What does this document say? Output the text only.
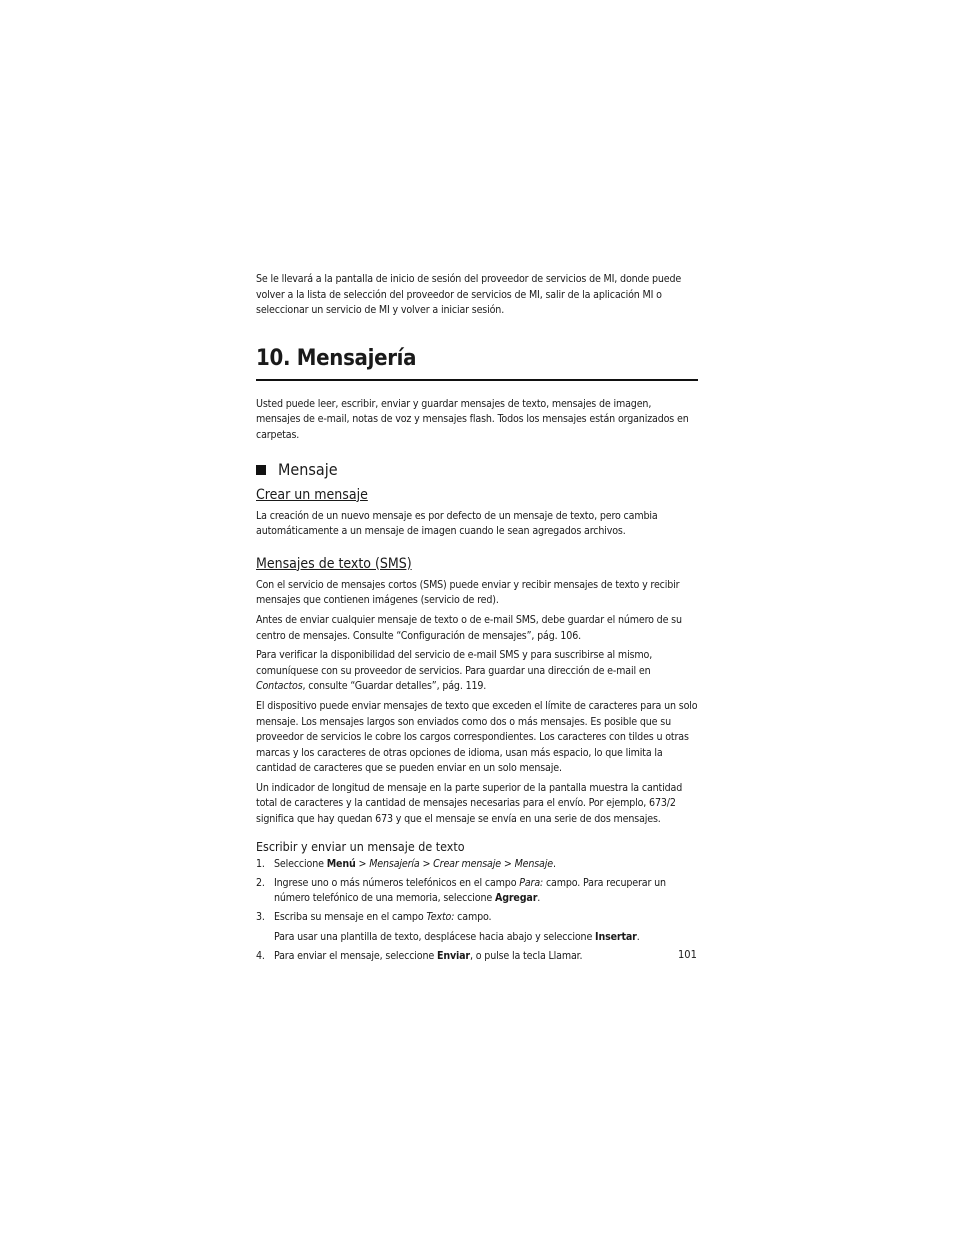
Se le llevará a la pantalla de inicio de sesión del proveedor de servicios de MI, donde puede volver a la lista de selección del proveedor de servicios de MI, salir de la aplicación MI o seleccionar un servicio de MI y volver a iniciar sesión.

10. Mensajería

Usted puede leer, escribir, enviar y guardar mensajes de texto, mensajes de imagen, mensajes de e-mail, notas de voz y mensajes flash. Todos los mensajes están organizados en carpetas.

Mensaje
Crear un mensaje

La creación de un nuevo mensaje es por defecto de un mensaje de texto, pero cambia automáticamente a un mensaje de imagen cuando le sean agregados archivos.

Mensajes de texto (SMS)

Con el servicio de mensajes cortos (SMS) puede enviar y recibir mensajes de texto y recibir mensajes que contienen imágenes (servicio de red).

Antes de enviar cualquier mensaje de texto o de e-mail SMS, debe guardar el número de su centro de mensajes. Consulte “Configuración de mensajes”, pág. 106.

Para verificar la disponibilidad del servicio de e-mail SMS y para suscribirse al mismo, comuníquese con su proveedor de servicios. Para guardar una dirección de e-mail en Contactos, consulte “Guardar detalles”, pág. 119.

El dispositivo puede enviar mensajes de texto que exceden el límite de caracteres para un solo mensaje. Los mensajes largos son enviados como dos o más mensajes. Es posible que su proveedor de servicios le cobre los cargos correspondientes. Los caracteres con tildes u otras marcas y los caracteres de otras opciones de idioma, usan más espacio, lo que limita la cantidad de caracteres que se pueden enviar en un solo mensaje.

Un indicador de longitud de mensaje en la parte superior de la pantalla muestra la cantidad total de caracteres y la cantidad de mensajes necesarias para el envío. Por ejemplo, 673/2 significa que hay quedan 673 y que el mensaje se envía en una serie de dos mensajes.

Escribir y enviar un mensaje de texto
1. Seleccione Menú > Mensajería > Crear mensaje > Mensaje.
2. Ingrese uno o más números telefónicos en el campo Para: campo. Para recuperar un número telefónico de una memoria, seleccione Agregar.
3. Escriba su mensaje en el campo Texto: campo.

Para usar una plantilla de texto, desplácese hacia abajo y seleccione Insertar.

4. Para enviar el mensaje, seleccione Enviar, o pulse la tecla Llamar.	101
